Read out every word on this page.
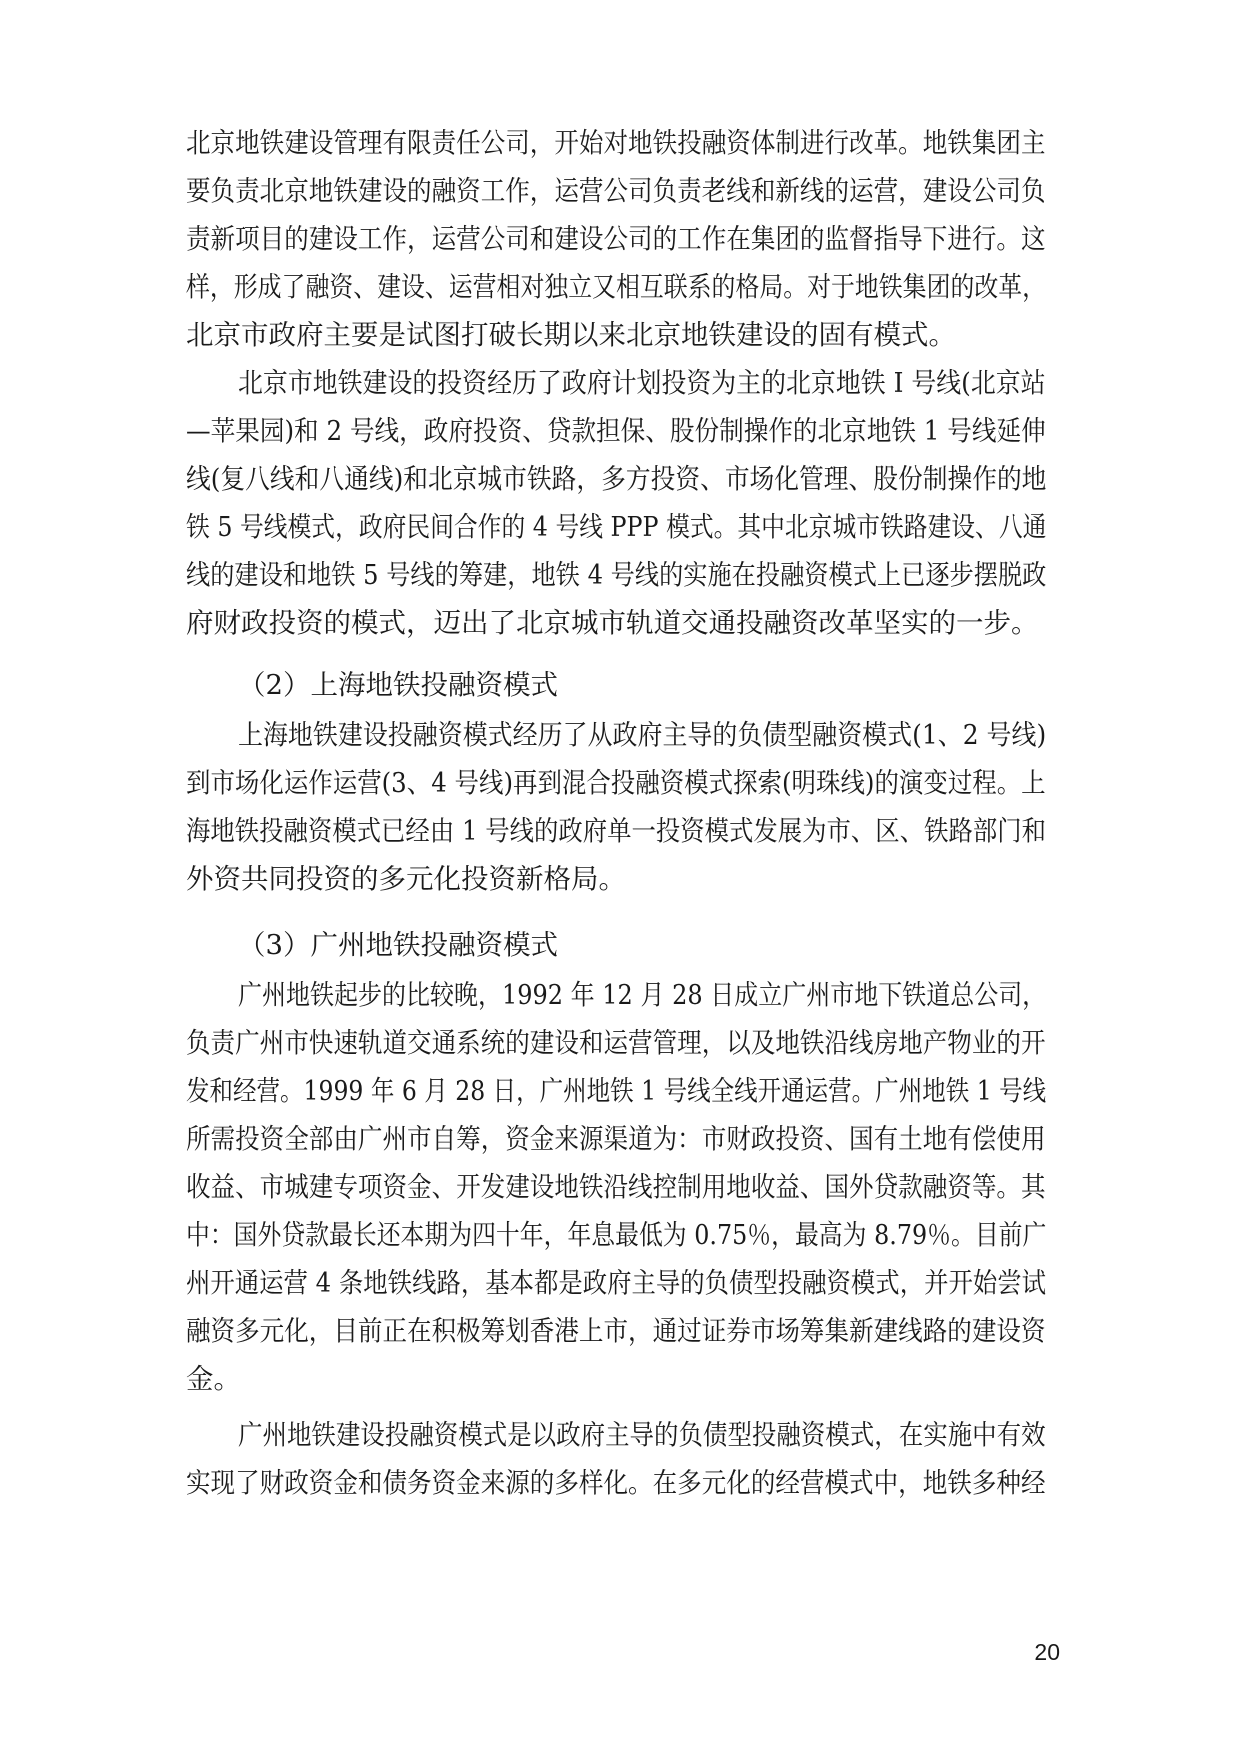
北京地铁建设管理有限责任公司，开始对地铁投融资体制进行改革。地铁集团主
要负责北京地铁建设的融资工作，运营公司负责老线和新线的运营，建设公司负
责新项目的建设工作，运营公司和建设公司的工作在集团的监督指导下进行。这
样，形成了融资、建设、运营相对独立又相互联系的格局。对于地铁集团的改革，
北京市政府主要是试图打破长期以来北京地铁建设的固有模式。
北京市地铁建设的投资经历了政府计划投资为主的北京地铁 I 号线(北京站
—苹果园)和 2 号线，政府投资、贷款担保、股份制操作的北京地铁 1 号线延伸
线(复八线和八通线)和北京城市铁路，多方投资、市场化管理、股份制操作的地
铁 5 号线模式，政府民间合作的 4 号线 PPP 模式。其中北京城市铁路建设、八通
线的建设和地铁 5 号线的筹建，地铁 4 号线的实施在投融资模式上已逐步摆脱政
府财政投资的模式，迈出了北京城市轨道交通投融资改革坚实的一步。
（2）上海地铁投融资模式
上海地铁建设投融资模式经历了从政府主导的负债型融资模式(1、2 号线)
到市场化运作运营(3、4 号线)再到混合投融资模式探索(明珠线)的演变过程。上
海地铁投融资模式已经由 1 号线的政府单一投资模式发展为市、区、铁路部门和
外资共同投资的多元化投资新格局。
（3）广州地铁投融资模式
广州地铁起步的比较晚，1992 年 12 月 28 日成立广州市地下铁道总公司，
负责广州市快速轨道交通系统的建设和运营管理，以及地铁沿线房地产物业的开
发和经营。1999 年 6 月 28 日，广州地铁 1 号线全线开通运营。广州地铁 1 号线
所需投资全部由广州市自筹，资金来源渠道为：市财政投资、国有土地有偿使用
收益、市城建专项资金、开发建设地铁沿线控制用地收益、国外贷款融资等。其
中：国外贷款最长还本期为四十年，年息最低为 0.75％，最高为 8.79％。目前广
州开通运营 4 条地铁线路，基本都是政府主导的负债型投融资模式，并开始尝试
融资多元化，目前正在积极筹划香港上市，通过证券市场筹集新建线路的建设资
金。
广州地铁建设投融资模式是以政府主导的负债型投融资模式，在实施中有效
实现了财政资金和债务资金来源的多样化。在多元化的经营模式中，地铁多种经
20
